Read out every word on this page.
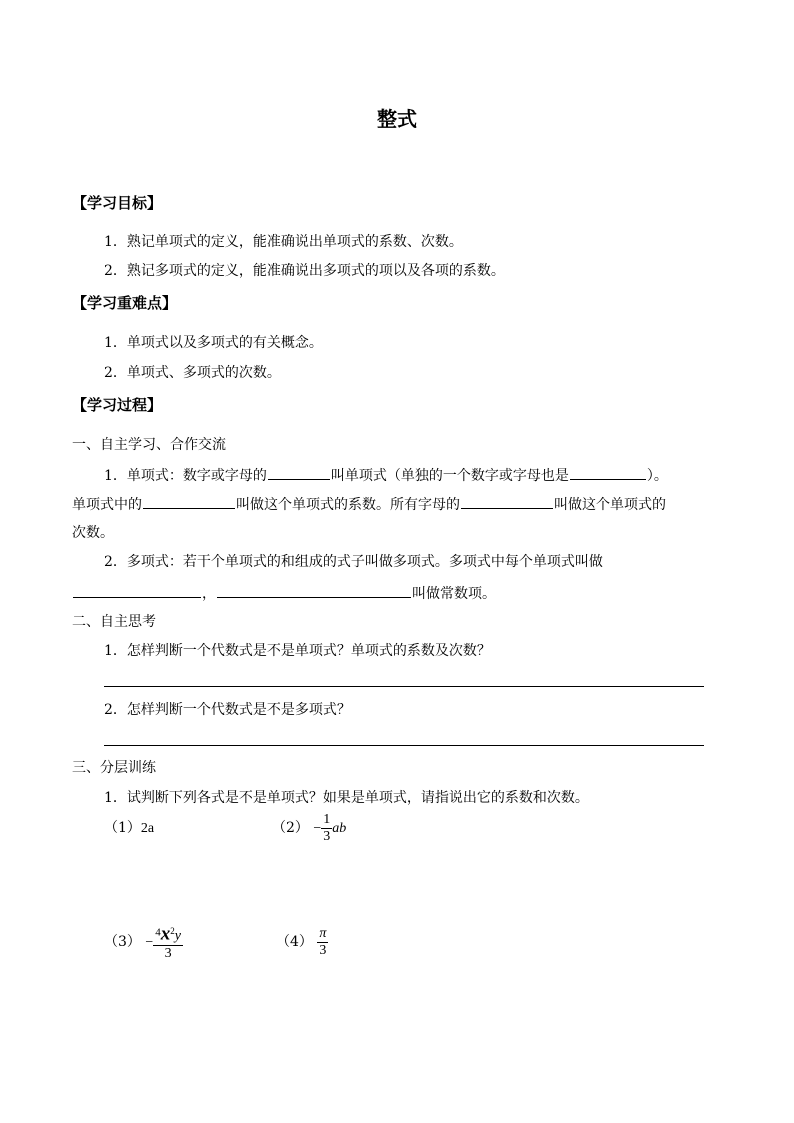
整式
【学习目标】
1．熟记单项式的定义，能准确说出单项式的系数、次数。
2．熟记多项式的定义，能准确说出多项式的项以及各项的系数。
【学习重难点】
1．单项式以及多项式的有关概念。
2．单项式、多项式的次数。
【学习过程】
一、自主学习、合作交流
1．单项式：数字或字母的	叫单项式（单独的一个数字或字母也是	）。
单项式中的	叫做这个单项式的系数。所有字母的	叫做这个单项式的
次数。
2．多项式：若干个单项式的和组成的式子叫做多项式。多项式中每个单项式叫做
，	叫做常数项。
二、自主思考
1．怎样判断一个代数式是不是单项式？单项式的系数及次数？
2．怎样判断一个代数式是不是多项式？
三、分层训练
1．试判断下列各式是不是单项式？如果是单项式，请指说出它的系数和次数。
（1）2a	$(2) - \frac{1}{3}$ ab
$(3) - \frac{^4x^2y}{3}$	$(4) \frac{\pi}{3}$
